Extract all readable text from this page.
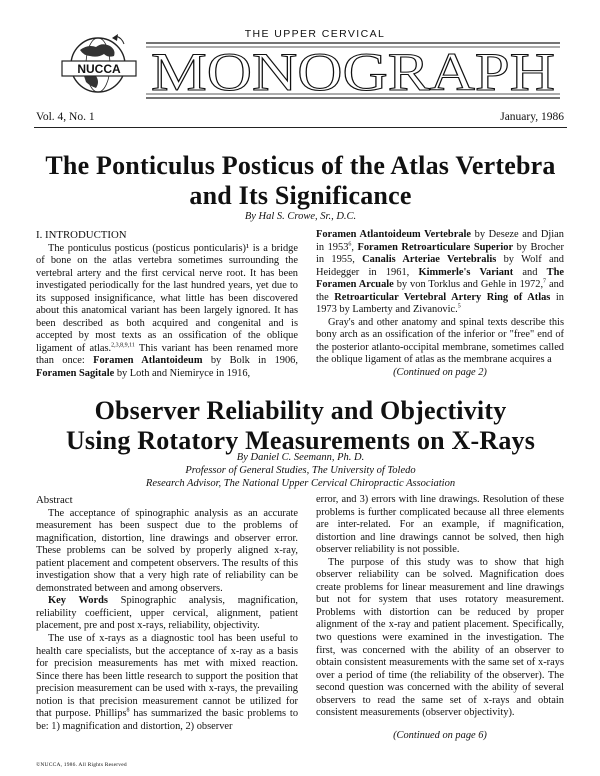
NUCCA
THE UPPER CERVICAL
MONOGRAPH
Vol. 4, No. 1	January, 1986
The Ponticulus Posticus of the Atlas Vertebra
and Its Significance
By Hal S. Crowe, Sr., D.C.
I. INTRODUCTION

The ponticulus posticus (posticus ponticularis)¹ is a bridge of bone on the atlas vertebra sometimes surrounding the vertebral artery and the first cervical nerve root. It has been investigated periodically for the last hundred years, yet due to its supposed insignificance, what little has been discovered about this anatomical variant has been largely ignored. It has been described as both acquired and congenital and is accepted by most texts as an ossification of the oblique ligament of atlas.$^{2,3,8,9,11}$ This variant has been renamed more than once: Foramen Atlantoideum by Bolk in 1906, Foramen Sagitale by Loth and Niemiryce in 1916,

Foramen Atlantoideum Vertebrale by Deseze and Djian in 1953$^6$, Foramen Retroarticulare Superior by Brocher in 1955, Canalis Arteriae Vertebralis by Wolf and Heidegger in 1961, Kimmerle's Variant and The Foramen Arcuale by von Torklus and Gehle in 1972,$^7$ and the Retroarticular Vertebral Artery Ring of Atlas in 1973 by Lamberty and Zivanovic.$^5$

Gray's and other anatomy and spinal texts describe this bony arch as an ossification of the inferior or "free" end of the posterior atlanto-occipital membrane, sometimes called the oblique ligament of atlas as the membrane acquires a

(Continued on page 2)
Observer Reliability and Objectivity
Using Rotatory Measurements on X-Rays
By Daniel C. Seemann, Ph. D.
Professor of General Studies, The University of Toledo
Research Advisor, The National Upper Cervical Chiropractic Association
Abstract

The acceptance of spinographic analysis as an accurate measurement has been suspect due to the problems of magnification, distortion, line drawings and observer error. These problems can be solved by properly aligned x-ray, patient placement and competent observers. The results of this investigation show that a very high rate of reliability can be demonstrated between and among observers.

Key Words Spinographic analysis, magnification, reliability coefficient, upper cervical, alignment, patient placement, pre and post x-rays, reliability, objectivity.

The use of x-rays as a diagnostic tool has been useful to health care specialists, but the acceptance of x-ray as a basis for precision measurements has met with mixed reaction. Since there has been little research to support the position that precision measurement can be used with x-rays, the prevailing notion is that precision measurement cannot be utilized for that purpose. Phillips$^8$ has summarized the basic problems to be: 1) magnification and distortion, 2) observer

error, and 3) errors with line drawings. Resolution of these problems is further complicated because all three elements are inter-related. For an example, if magnification, distortion and line drawings cannot be solved, then high observer reliability is not possible.

The purpose of this study was to show that high observer reliability can be solved. Magnification does create problems for linear measurement and line drawings but not for system that uses rotatory measurement. Problems with distortion can be reduced by proper alignment of the x-ray and patient placement. Specifically, two questions were examined in the investigation. The first, was concerned with the ability of an observer to obtain consistent measurements with the same set of x-rays over a period of time (the reliability of the observer). The second question was concerned with the ability of several observers to read the same set of x-rays and obtain consistent measurements (observer objectivity).

(Continued on page 6)
©NUCCA, 1986. All Rights Reserved
